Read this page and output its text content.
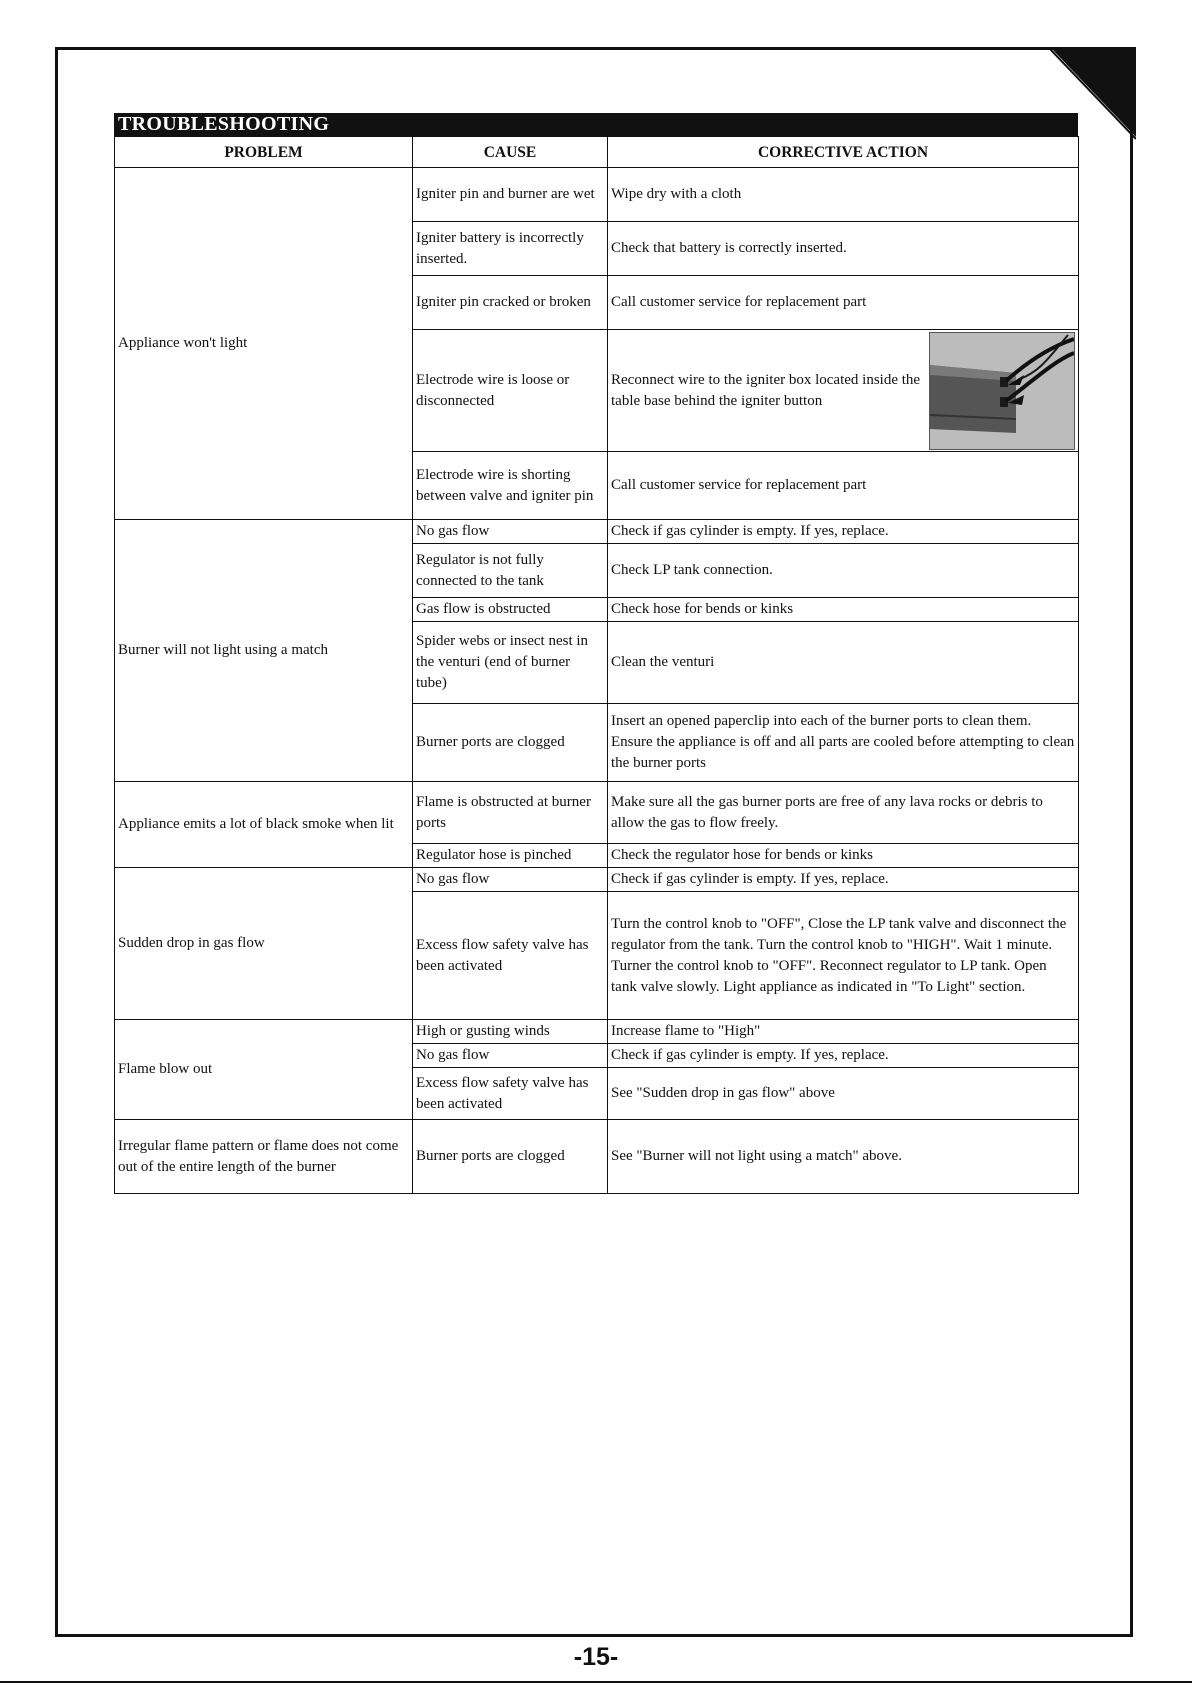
TROUBLESHOOTING
PROBLEM	CAUSE	CORRECTIVE ACTION
Appliance won't light	Igniter pin and burner are wet	Wipe dry with a cloth
	Igniter battery is incorrectly inserted.	Check that battery is correctly inserted.
	Igniter pin cracked or broken	Call customer service for replacement part
	Electrode wire is loose or disconnected	Reconnect wire to the igniter box located inside the table base behind the igniter button

	Electrode wire is shorting between valve and igniter pin	Call customer service for replacement part
Burner will not light using a match	No gas flow	Check if gas cylinder is empty. If yes, replace.
	Regulator is not fully connected to the tank	Check LP tank connection.
	Gas flow is obstructed	Check hose for bends or kinks
	Spider webs or insect nest in the venturi (end of burner tube)	Clean the venturi
	Burner ports are clogged	Insert an opened paperclip into each of the burner ports to clean them. Ensure the appliance is off and all parts are cooled before attempting to clean the burner ports
Appliance emits a lot of black smoke when lit	Flame is obstructed at burner ports	Make sure all the gas burner ports are free of any lava rocks or debris to allow the gas to flow freely.
	Regulator hose is pinched	Check the regulator hose for bends or kinks
Sudden drop in gas flow	No gas flow	Check if gas cylinder is empty. If yes, replace.
	Excess flow safety valve has been activated	Turn the control knob to "OFF", Close the LP tank valve and disconnect the regulator from the tank. Turn the control knob to "HIGH". Wait 1 minute. Turner the control knob to "OFF". Reconnect regulator to LP tank. Open tank valve slowly. Light appliance as indicated in "To Light" section.
Flame blow out	High or gusting winds	Increase flame to "High"
	No gas flow	Check if gas cylinder is empty. If yes, replace.
	Excess flow safety valve has been activated	See "Sudden drop in gas flow" above
Irregular flame pattern or flame does not come out of the entire length of the burner	Burner ports are clogged	See "Burner will not light using a match" above.
-15-
